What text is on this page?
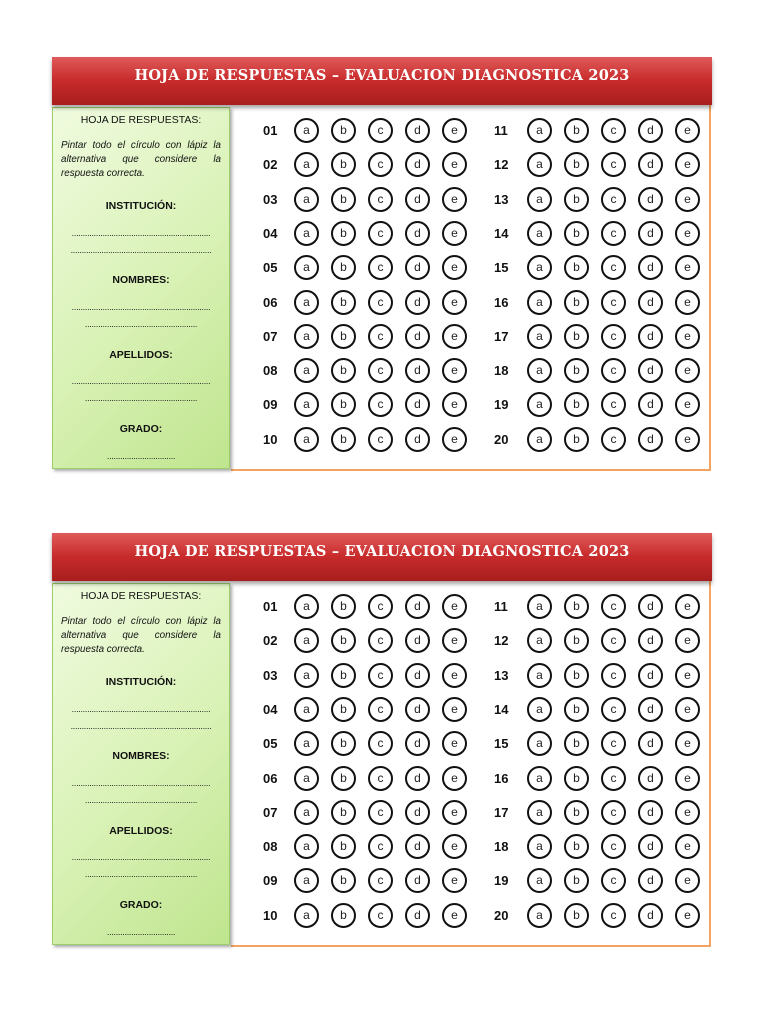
HOJA DE RESPUESTAS – EVALUACION DIAGNOSTICA 2023
01	a	b	c	d	e
02	a	b	c	d	e
03	a	b	c	d	e
04	a	b	c	d	e
05	a	b	c	d	e
06	a	b	c	d	e
07	a	b	c	d	e
08	a	b	c	d	e
09	a	b	c	d	e
10	a	b	c	d	e
11	a	b	c	d	e
12	a	b	c	d	e
13	a	b	c	d	e
14	a	b	c	d	e
15	a	b	c	d	e
16	a	b	c	d	e
17	a	b	c	d	e
18	a	b	c	d	e
19	a	b	c	d	e
20	a	b	c	d	e
HOJA DE RESPUESTAS:
Pintar todo el círculo con lápiz la alternativa que considere la respuesta correcta.
INSTITUCIÓN:
...............................................................
................................................................
NOMBRES:
...............................................................
...................................................
APELLIDOS:
...............................................................
...................................................
GRADO:
...............................
HOJA DE RESPUESTAS – EVALUACION DIAGNOSTICA 2023
01	a	b	c	d	e
02	a	b	c	d	e
03	a	b	c	d	e
04	a	b	c	d	e
05	a	b	c	d	e
06	a	b	c	d	e
07	a	b	c	d	e
08	a	b	c	d	e
09	a	b	c	d	e
10	a	b	c	d	e
11	a	b	c	d	e
12	a	b	c	d	e
13	a	b	c	d	e
14	a	b	c	d	e
15	a	b	c	d	e
16	a	b	c	d	e
17	a	b	c	d	e
18	a	b	c	d	e
19	a	b	c	d	e
20	a	b	c	d	e
HOJA DE RESPUESTAS:
Pintar todo el círculo con lápiz la alternativa que considere la respuesta correcta.
INSTITUCIÓN:
...............................................................
................................................................
NOMBRES:
...............................................................
...................................................
APELLIDOS:
...............................................................
...................................................
GRADO:
...............................
